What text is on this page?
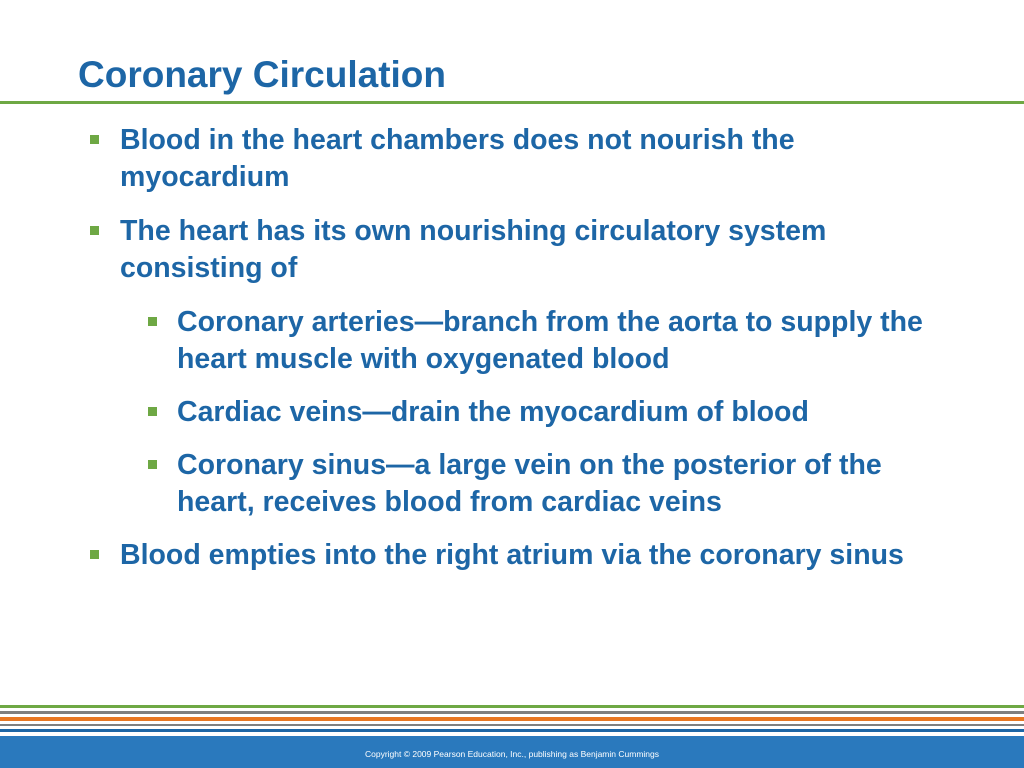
Coronary Circulation
Blood in the heart chambers does not nourish the myocardium
The heart has its own nourishing circulatory system consisting of
Coronary arteries—branch from the aorta to supply the heart muscle with oxygenated blood
Cardiac veins—drain the myocardium of blood
Coronary sinus—a large vein on the posterior of the heart, receives blood from cardiac veins
Blood empties into the right atrium via the coronary sinus
Copyright © 2009 Pearson Education, Inc., publishing as Benjamin Cummings
